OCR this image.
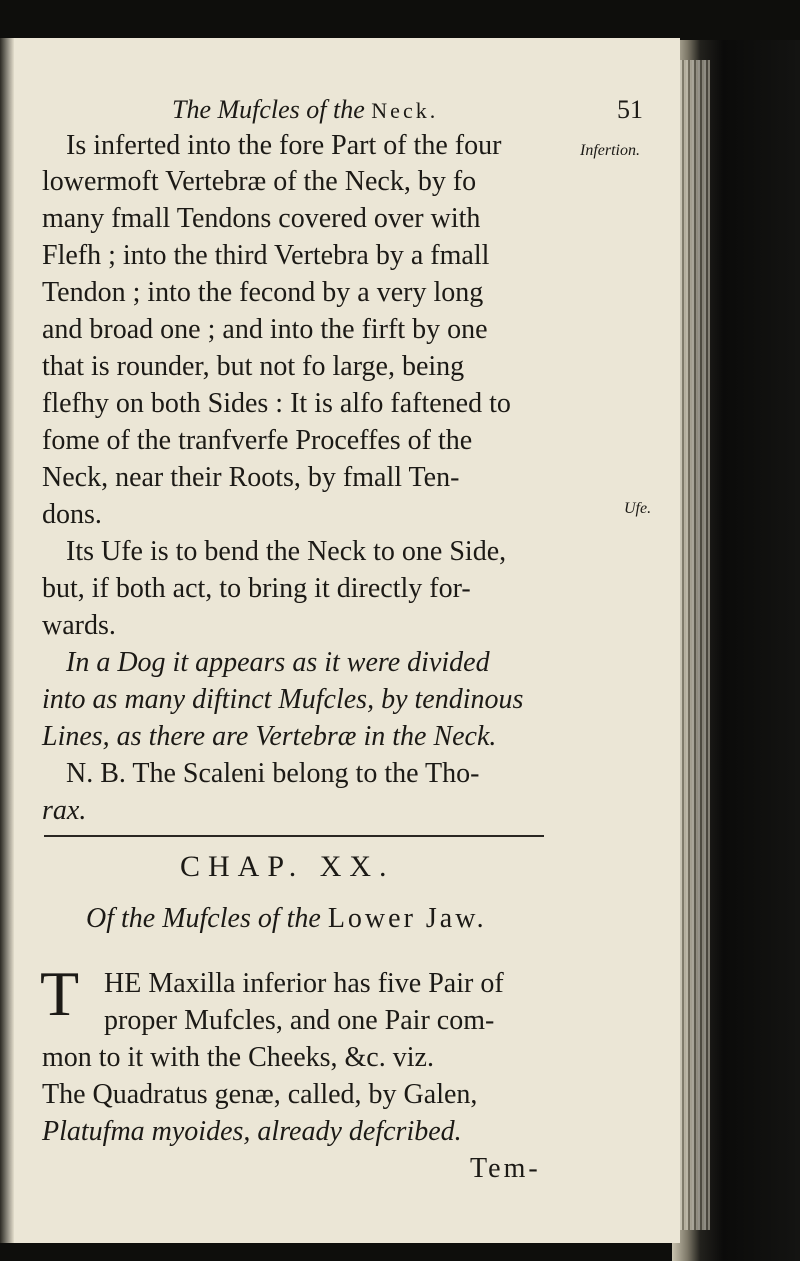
The Mufcles of the Neck.	51
Infertion.
Ufe.
Is inferted into the fore Part of the four
lowermoft Vertebræ of the Neck, by fo
many fmall Tendons covered over with
Flefh ; into the third Vertebra by a fmall
Tendon ; into the fecond by a very long
and broad one ; and into the firft by one
that is rounder, but not fo large, being
flefhy on both Sides : It is alfo faftened to
fome of the tranfverfe Proceffes of the
Neck, near their Roots, by fmall Ten-
dons.
Its Ufe is to bend the Neck to one Side,
but, if both act, to bring it directly for-
wards.
In a Dog it appears as it were divided
into as many diftinct Mufcles, by tendinous
Lines, as there are Vertebræ in the Neck.
N. B. The Scaleni belong to the Tho-
rax.
CHAP. XX.
Of the Mufcles of the Lower Jaw.
T HE Maxilla inferior has five Pair of
proper Mufcles, and one Pair com-
mon to it with the Cheeks, &c. viz.
The Quadratus genæ, called, by Galen,
Platufma myoides, already defcribed.
Tem-
